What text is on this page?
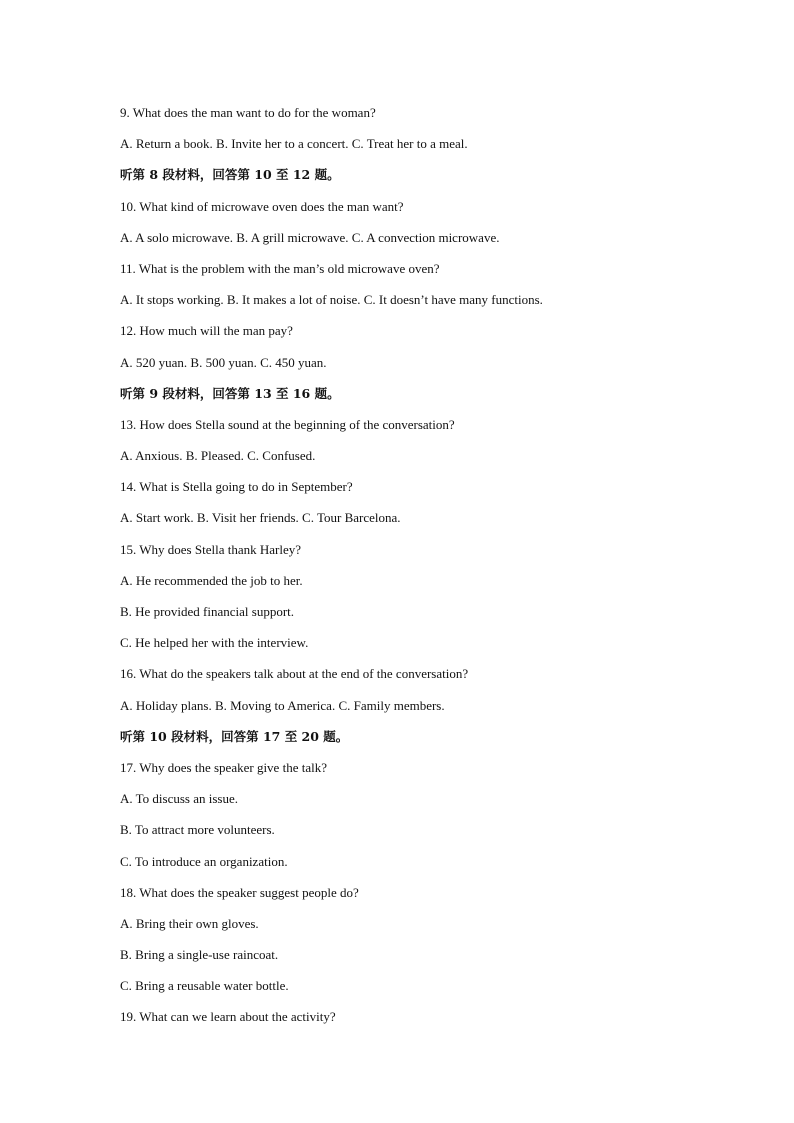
9. What does the man want to do for the woman?
A. Return a book. B. Invite her to a concert. C. Treat her to a meal.
听第 8 段材料，回答第 10 至 12 题。
10. What kind of microwave oven does the man want?
A. A solo microwave. B. A grill microwave. C. A convection microwave.
11. What is the problem with the man’s old microwave oven?
A. It stops working. B. It makes a lot of noise. C. It doesn’t have many functions.
12. How much will the man pay?
A. 520 yuan. B. 500 yuan. C. 450 yuan.
听第 9 段材料，回答第 13 至 16 题。
13. How does Stella sound at the beginning of the conversation?
A. Anxious. B. Pleased. C. Confused.
14. What is Stella going to do in September?
A. Start work. B. Visit her friends. C. Tour Barcelona.
15. Why does Stella thank Harley?
A. He recommended the job to her.
B. He provided financial support.
C. He helped her with the interview.
16. What do the speakers talk about at the end of the conversation?
A. Holiday plans. B. Moving to America. C. Family members.
听第 10 段材料，回答第 17 至 20 题。
17. Why does the speaker give the talk?
A. To discuss an issue.
B. To attract more volunteers.
C. To introduce an organization.
18. What does the speaker suggest people do?
A. Bring their own gloves.
B. Bring a single-use raincoat.
C. Bring a reusable water bottle.
19. What can we learn about the activity?
